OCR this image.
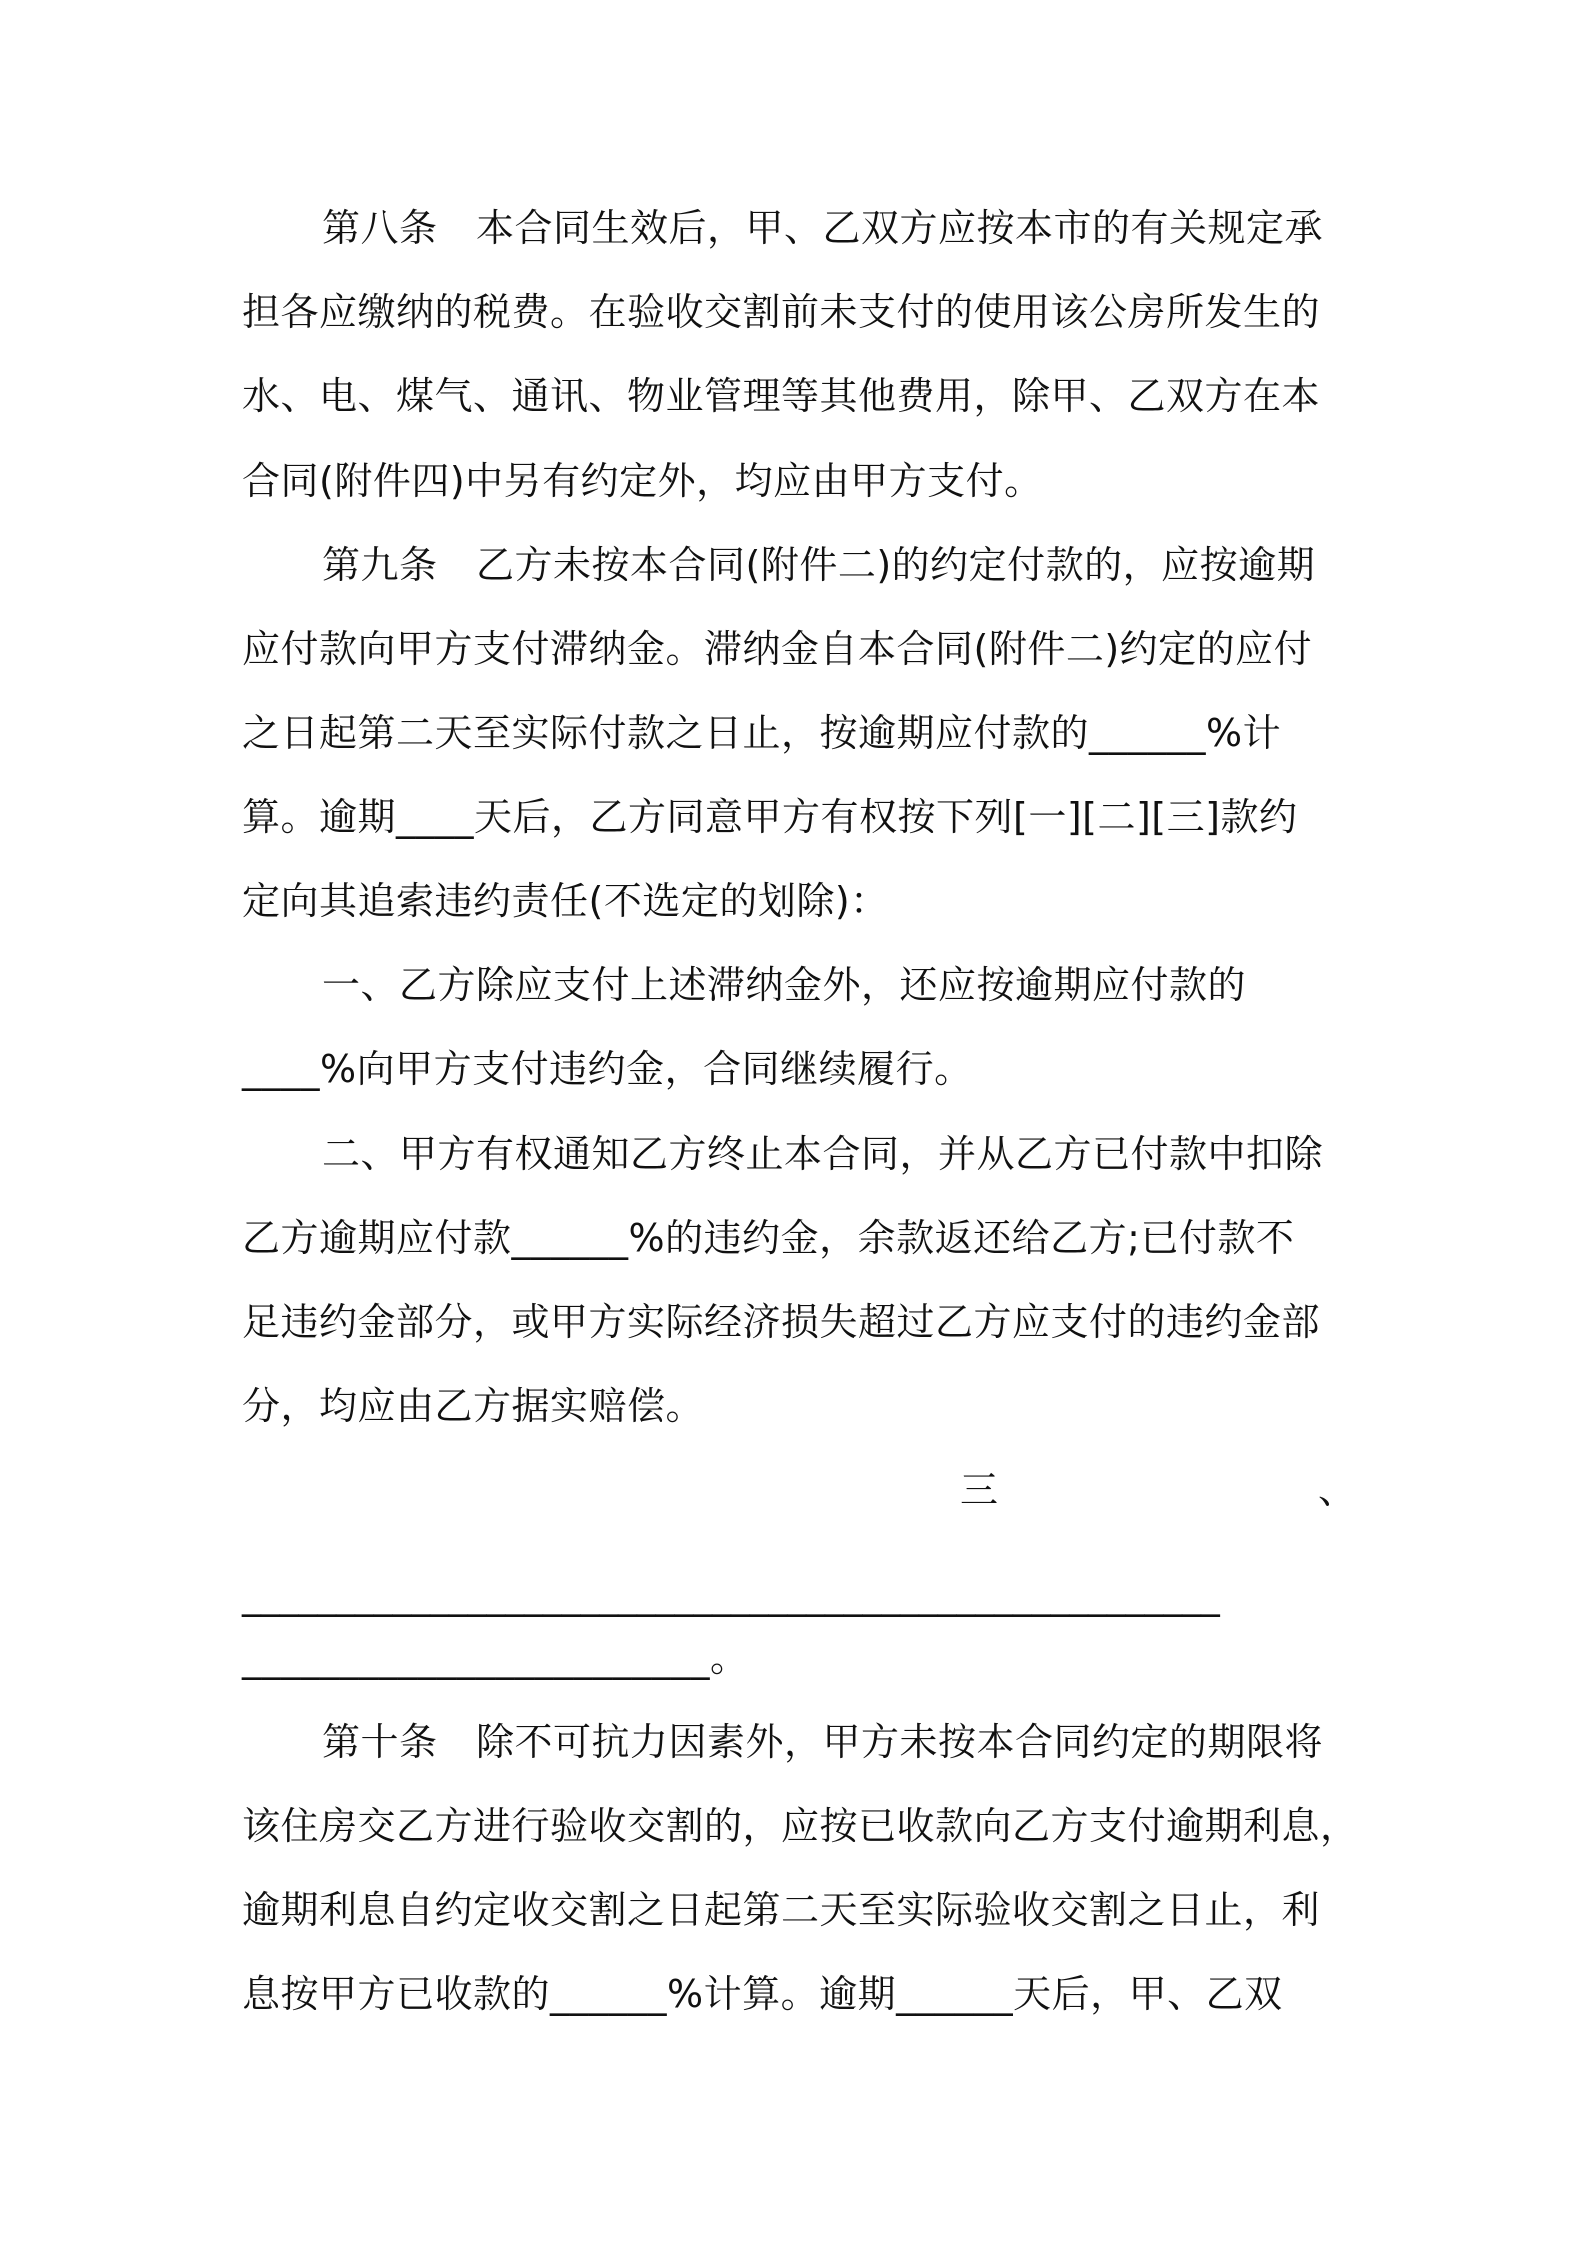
第八条　本合同生效后，甲、乙双方应按本市的有关规定承
担各应缴纳的税费。在验收交割前未支付的使用该公房所发生的
水、电、煤气、通讯、物业管理等其他费用，除甲、乙双方在本
合同(附件四)中另有约定外，均应由甲方支付。
第九条　乙方未按本合同(附件二)的约定付款的，应按逾期
应付款向甲方支付滞纳金。滞纳金自本合同(附件二)约定的应付
之日起第二天至实际付款之日止，按逾期应付款的______%计
算。逾期____天后，乙方同意甲方有权按下列[一][二][三]款约
定向其追索违约责任(不选定的划除)：
一、乙方除应支付上述滞纳金外，还应按逾期应付款的
____%向甲方支付违约金，合同继续履行。
二、甲方有权通知乙方终止本合同，并从乙方已付款中扣除
乙方逾期应付款______%的违约金，余款返还给乙方;已付款不
足违约金部分，或甲方实际经济损失超过乙方应支付的违约金部
分，均应由乙方据实赔偿。
三	、
____________________________________________________
________________________。
第十条　除不可抗力因素外，甲方未按本合同约定的期限将
该住房交乙方进行验收交割的，应按已收款向乙方支付逾期利息，
逾期利息自约定收交割之日起第二天至实际验收交割之日止，利
息按甲方已收款的______%计算。逾期______天后，甲、乙双
